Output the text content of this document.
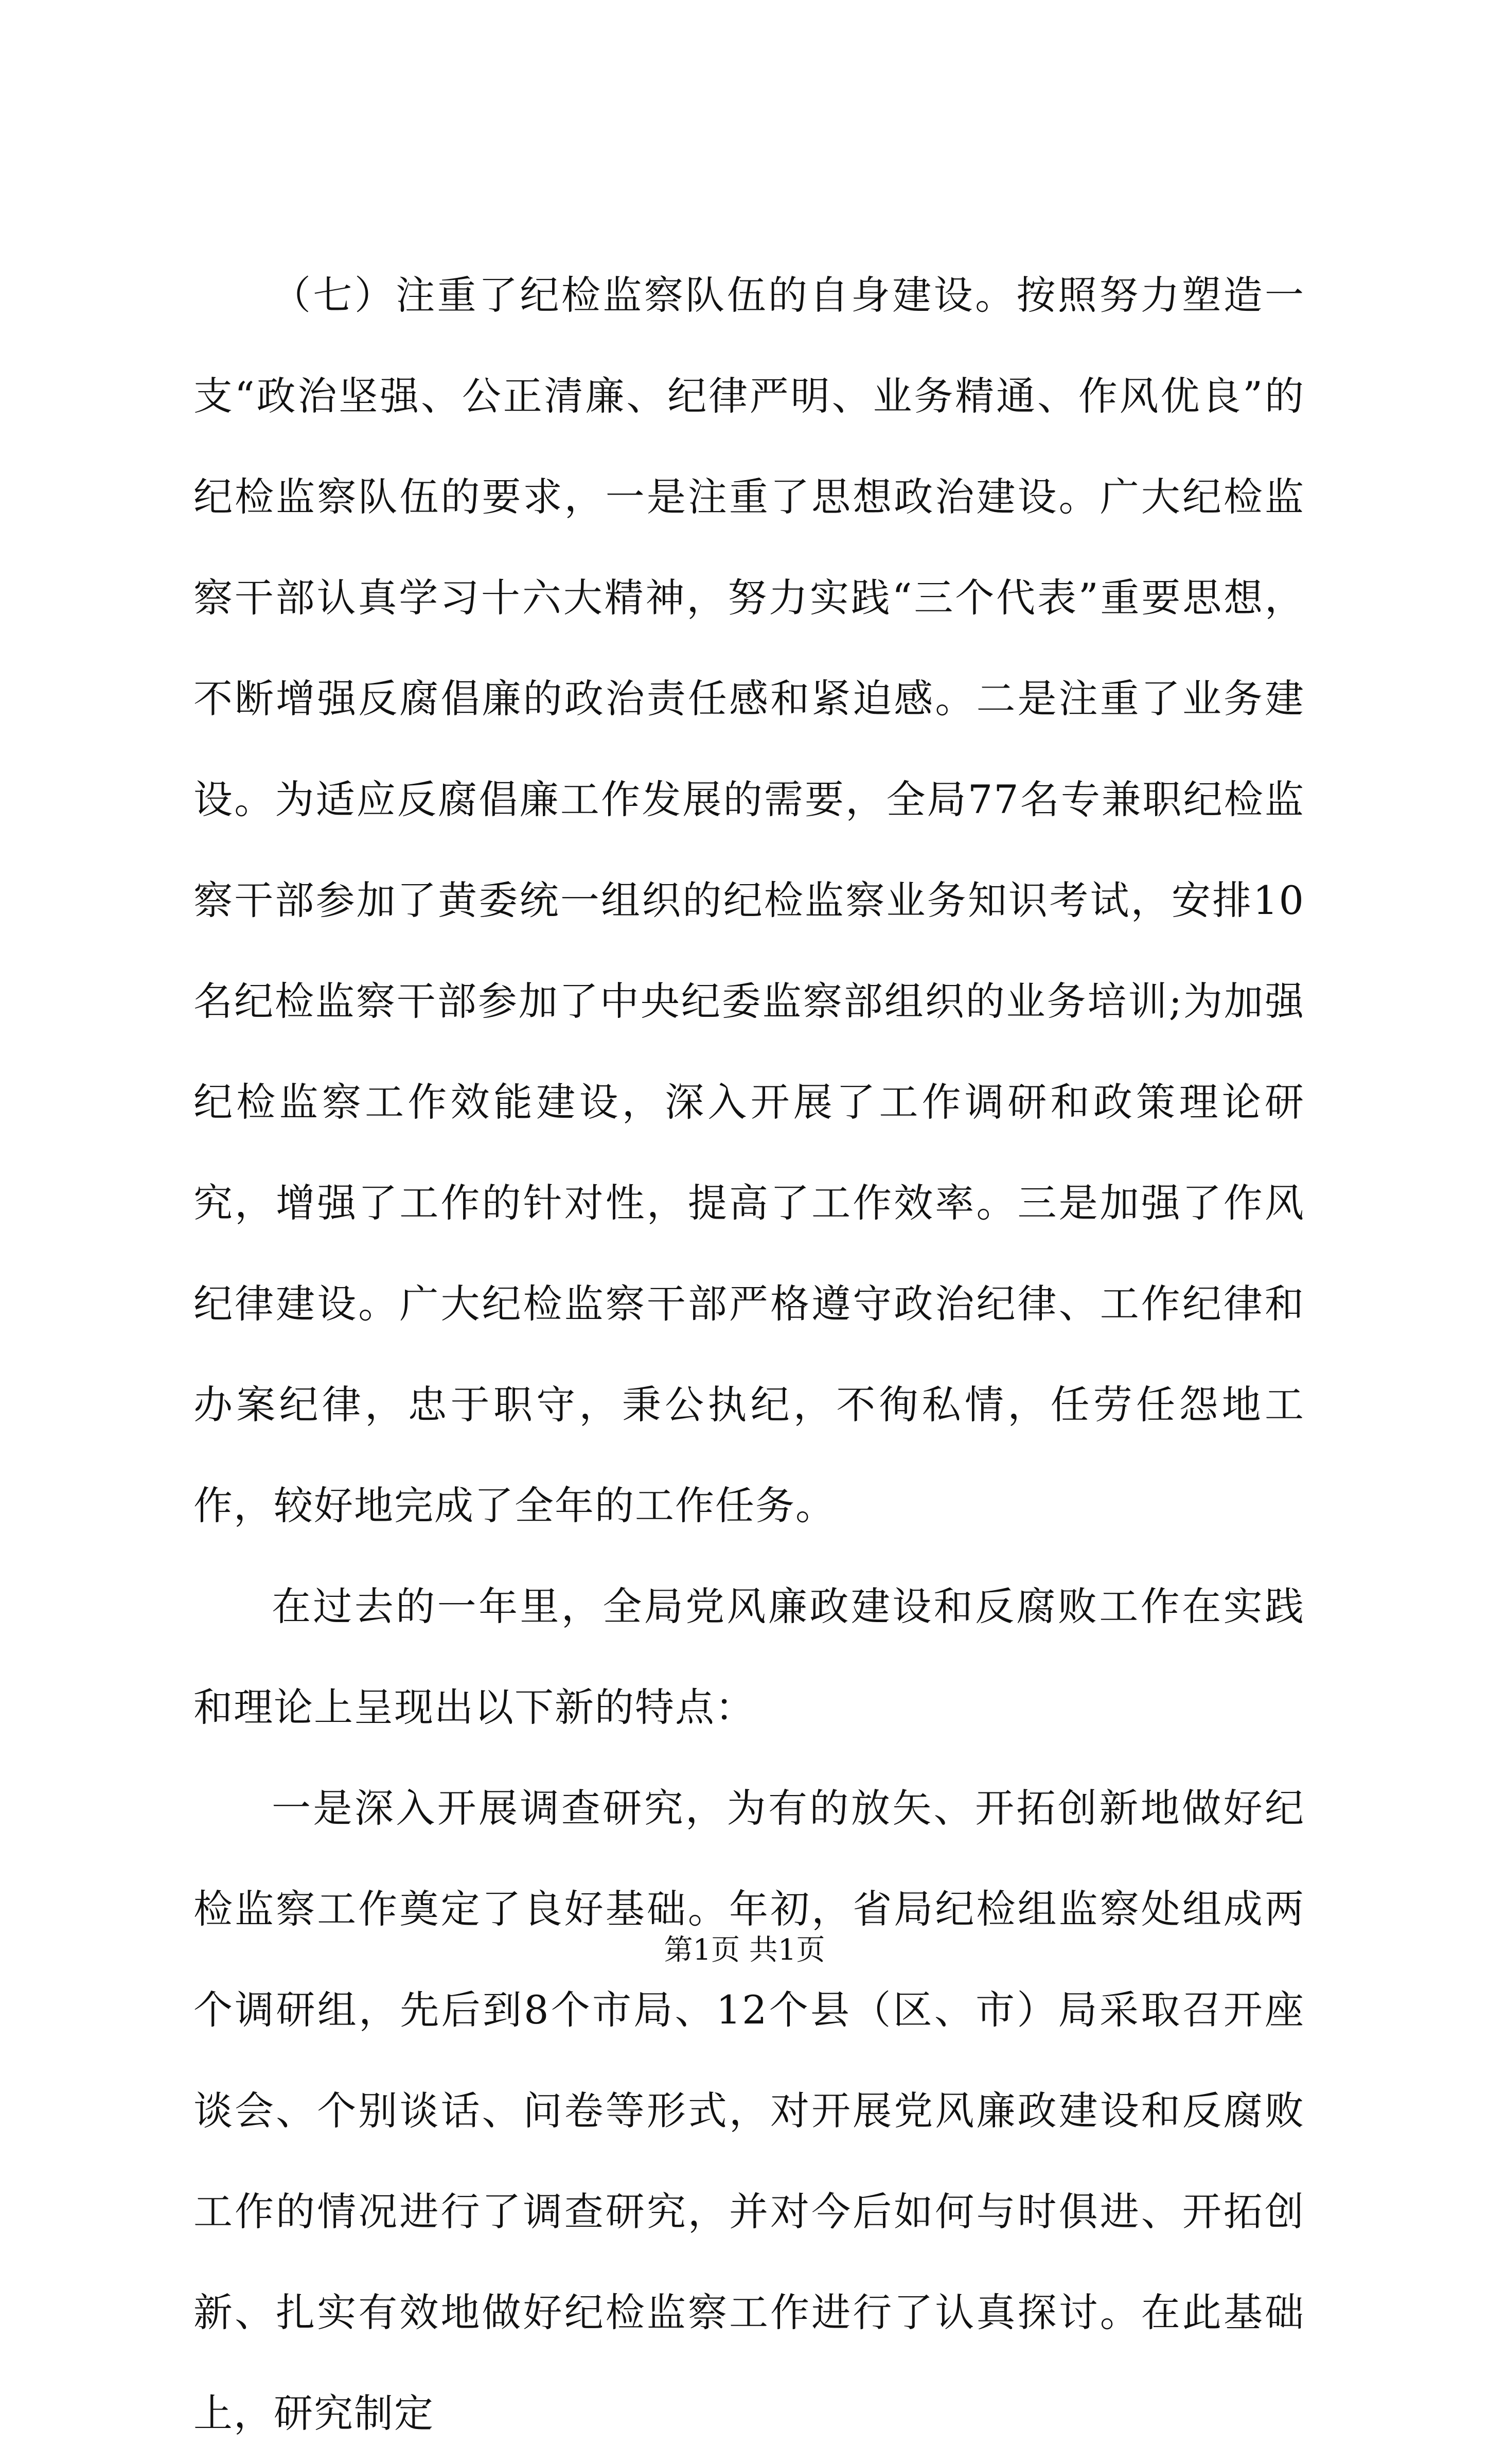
（七）注重了纪检监察队伍的自身建设。按照努力塑造一支“政治坚强、公正清廉、纪律严明、业务精通、作风优良”的纪检监察队伍的要求，一是注重了思想政治建设。广大纪检监察干部认真学习十六大精神，努力实践“三个代表”重要思想，不断增强反腐倡廉的政治责任感和紧迫感。二是注重了业务建设。为适应反腐倡廉工作发展的需要，全局77名专兼职纪检监察干部参加了黄委统一组织的纪检监察业务知识考试，安排10名纪检监察干部参加了中央纪委监察部组织的业务培训;为加强纪检监察工作效能建设，深入开展了工作调研和政策理论研究，增强了工作的针对性，提高了工作效率。三是加强了作风纪律建设。广大纪检监察干部严格遵守政治纪律、工作纪律和办案纪律，忠于职守，秉公执纪，不徇私情，任劳任怨地工作，较好地完成了全年的工作任务。

在过去的一年里，全局党风廉政建设和反腐败工作在实践和理论上呈现出以下新的特点：

一是深入开展调查研究，为有的放矢、开拓创新地做好纪检监察工作奠定了良好基础。年初，省局纪检组监察处组成两个调研组，先后到8个市局、12个县（区、市）局采取召开座谈会、个别谈话、问卷等形式，对开展党风廉政建设和反腐败工作的情况进行了调查研究，并对今后如何与时俱进、开拓创新、扎实有效地做好纪检监察工作进行了认真探讨。在此基础上，研究制定

第1页 共1页
